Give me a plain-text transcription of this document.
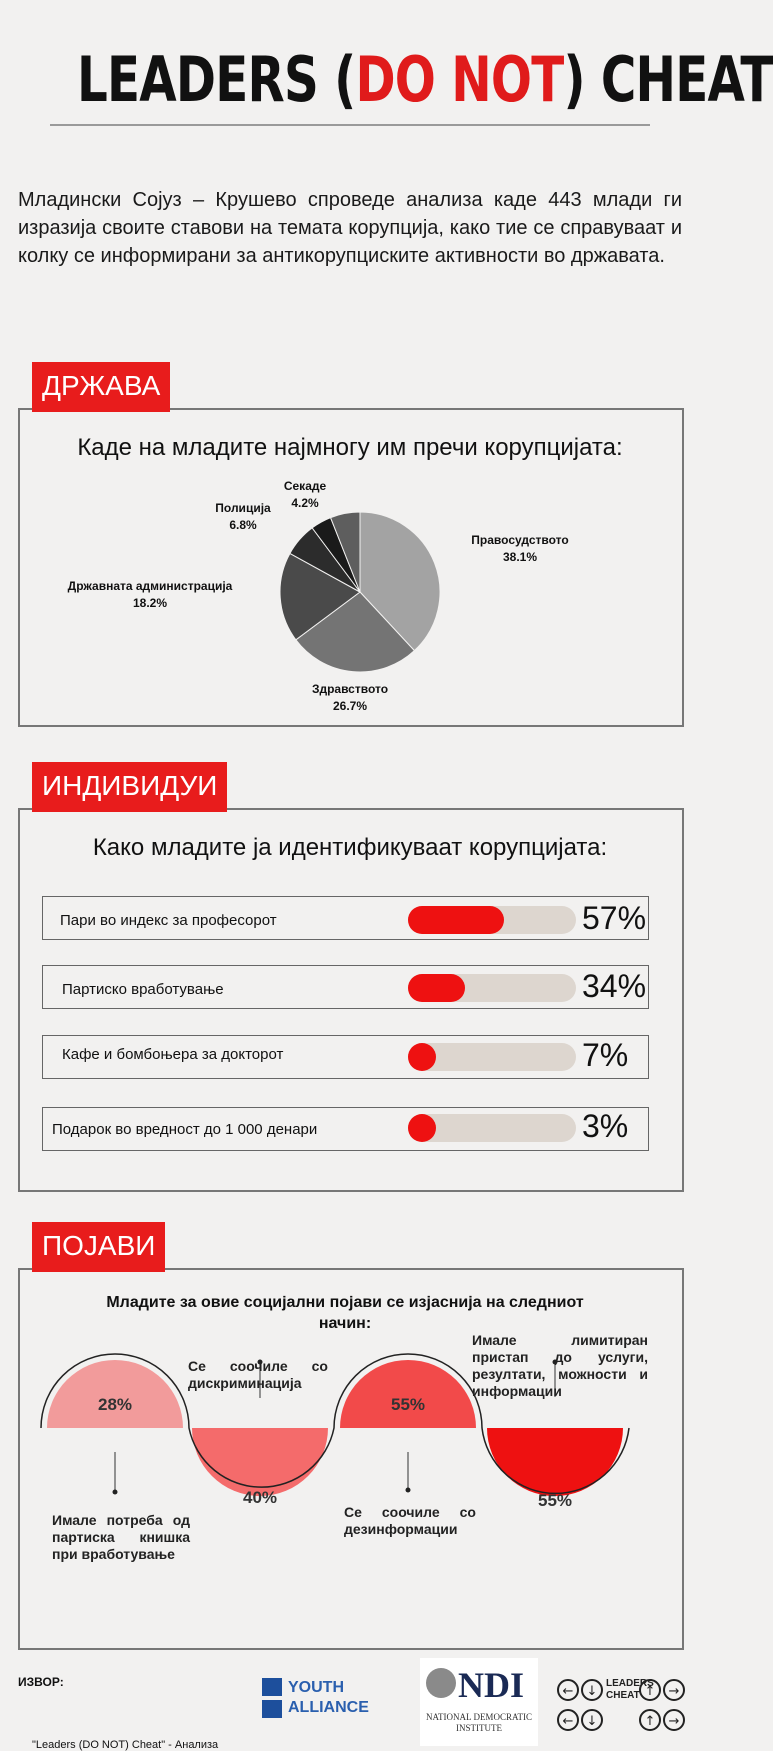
LEADERS (DO NOT) CHEAT
Младински Сојуз – Крушево спроведе анализа каде 443 млади ги изразија своите ставови на темата корупција, како тие се справуваат и колку се информирани за антикорупциските активности во државата.
ДРЖАВА
Каде на младите најмногу им пречи корупцијата:
Правосудството
38.1%
Здравството
26.7%
Државната администрација
18.2%
Полиција
6.8%
Секаде
4.2%
ИНДИВИДУИ
Како младите ја идентификуваат корупцијата:
Пари во индекс за професорот	57%
Партиско вработување	34%
Кафе и бомбоњера за докторот	7%
Подарок во вредност до 1 000 денари	3%
ПОЈАВИ
Младите за овие социјални појави се изјаснија на следниот начин:
28%
40%
55%
55%
Имале потреба од партиска книшка при вработување
Се соочиле со дискриминација
Се соочиле со дезинформации
Имале лимитиран пристап до услуги, резултати, можности и информации
ИЗВОР:
"Leaders (DO NOT) Cheat" - Анализа
YOUTH ALLIANCE
NDI
NATIONAL DEMOCRATIC INSTITUTE
← ↓	↑ →
← ↓	↑ →
LEADERS CHEAT
